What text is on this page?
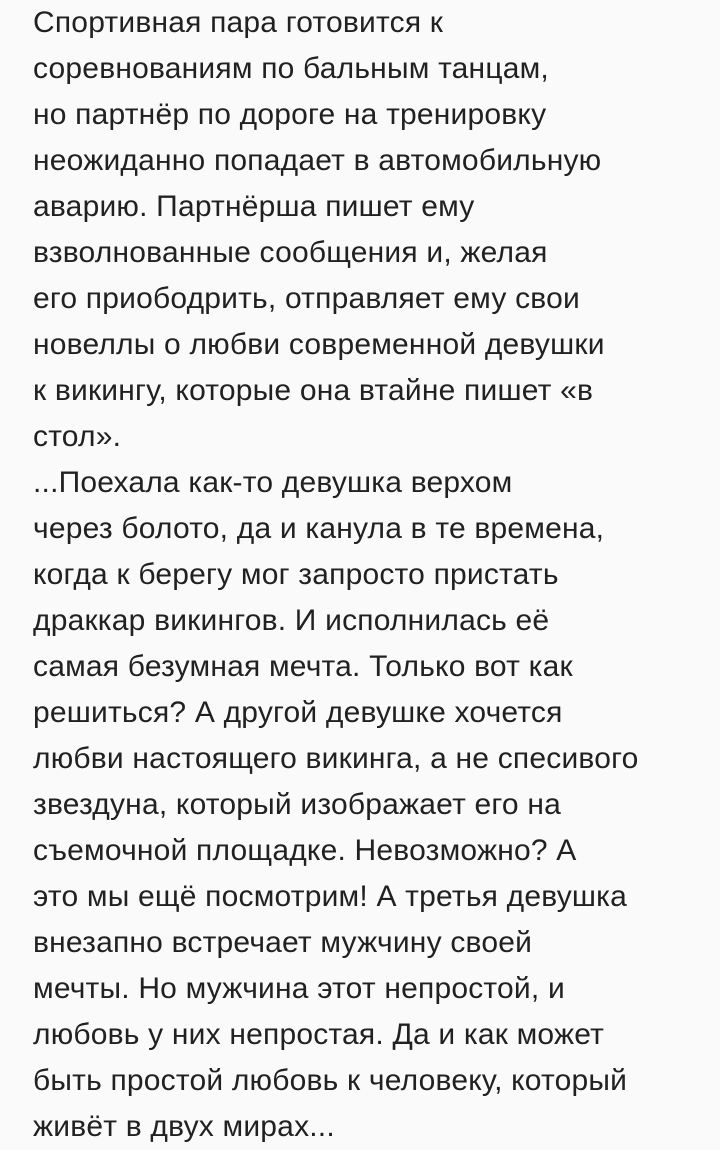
Спортивная пара готовится к
соревнованиям по бальным танцам,
но партнёр по дороге на тренировку
неожиданно попадает в автомобильную
аварию. Партнёрша пишет ему
взволнованные сообщения и, желая
его приободрить, отправляет ему свои
новеллы о любви современной девушки
к викингу, которые она втайне пишет «в
стол».
...Поехала как-то девушка верхом
через болото, да и канула в те времена,
когда к берегу мог запросто пристать
драккар викингов. И исполнилась её
самая безумная мечта. Только вот как
решиться? А другой девушке хочется
любви настоящего викинга, а не спесивого
звездуна, который изображает его на
съемочной площадке. Невозможно? А
это мы ещё посмотрим! А третья девушка
внезапно встречает мужчину своей
мечты. Но мужчина этот непростой, и
любовь у них непростая. Да и как может
быть простой любовь к человеку, который
живёт в двух мирах...
